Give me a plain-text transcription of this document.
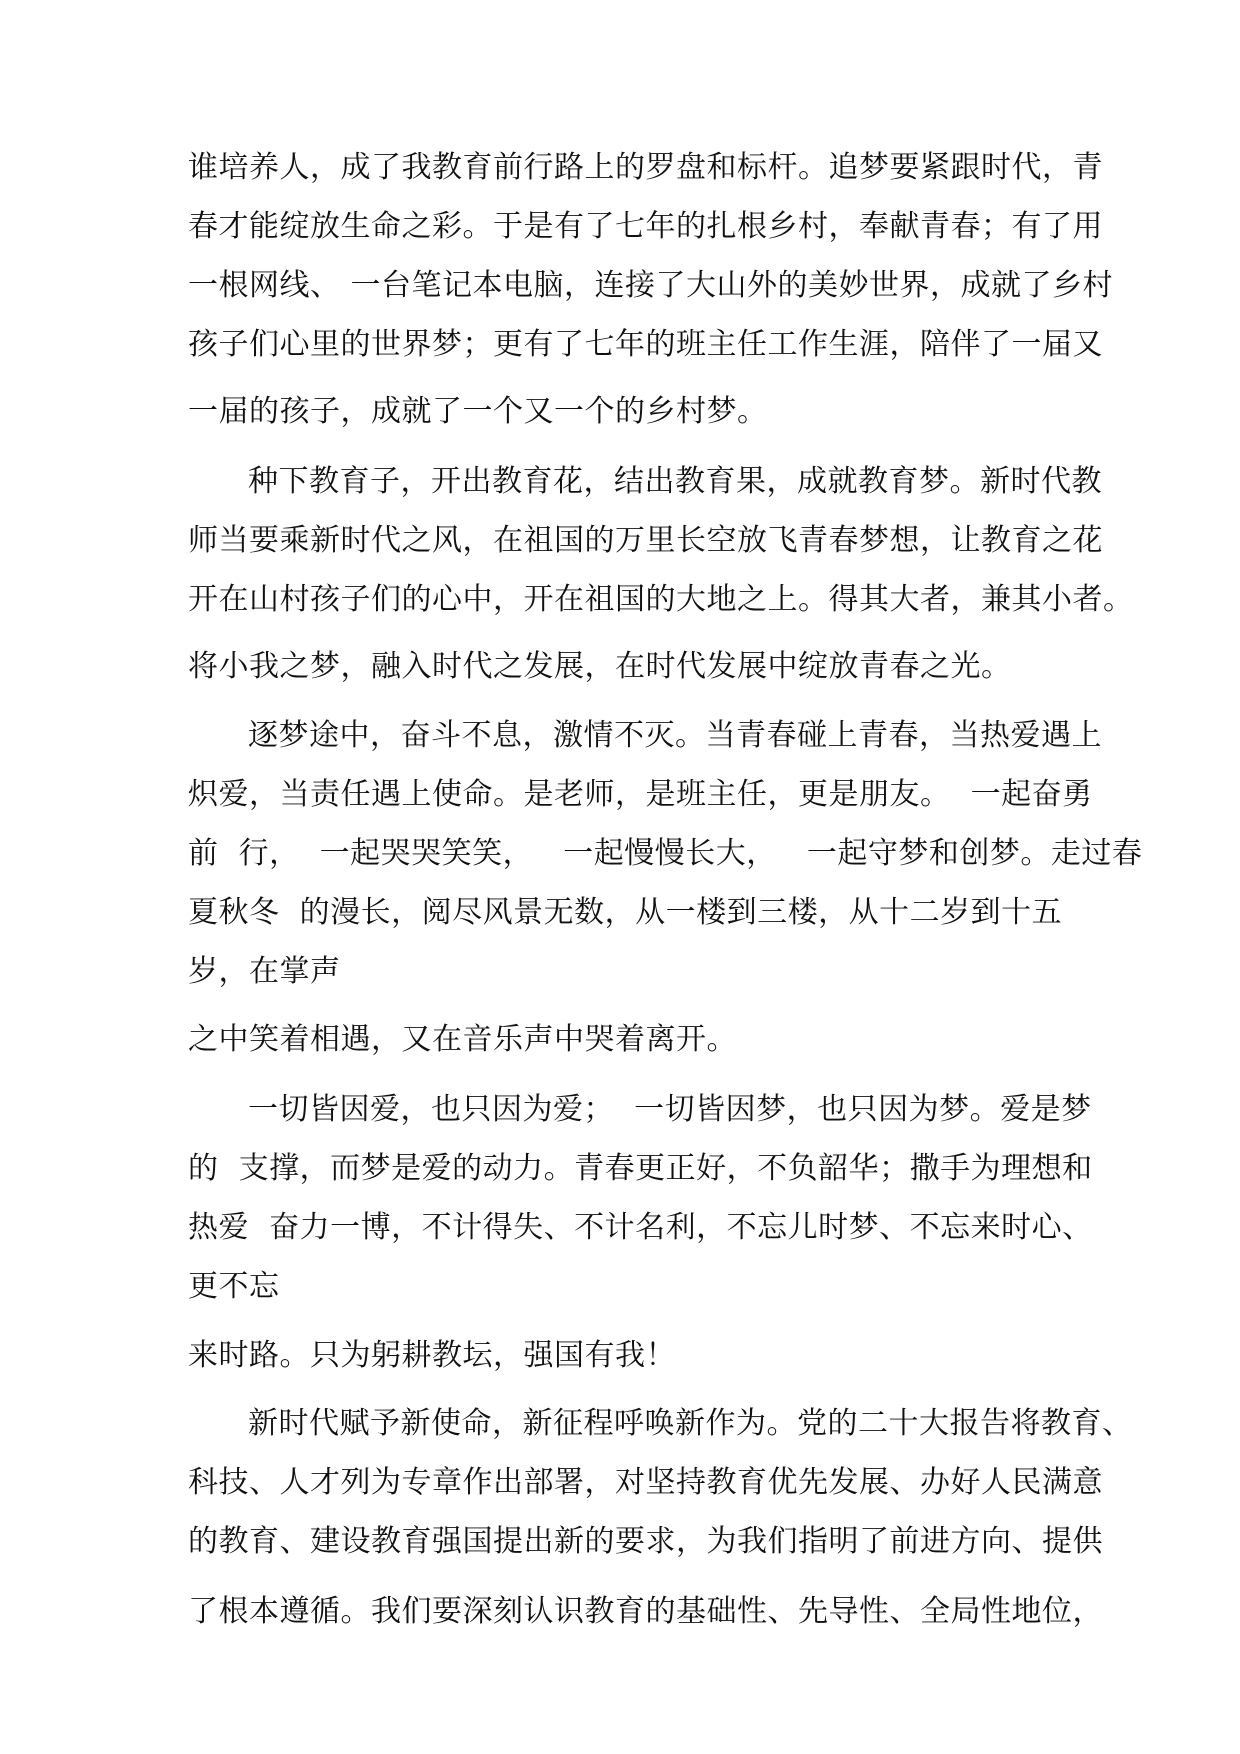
谁培养人，成了我教育前行路上的罗盘和标杆。追梦要紧跟时代，青
春才能绽放生命之彩。于是有了七年的扎根乡村，奉献青春；有了用
一根网线、 一台笔记本电脑，连接了大山外的美妙世界，成就了乡村
孩子们心里的世界梦；更有了七年的班主任工作生涯，陪伴了一届又
一届的孩子，成就了一个又一个的乡村梦。
种下教育子，开出教育花，结出教育果，成就教育梦。新时代教
师当要乘新时代之风，在祖国的万里长空放飞青春梦想，让教育之花
开在山村孩子们的心中，开在祖国的大地之上。得其大者，兼其小者。
将小我之梦，融入时代之发展，在时代发展中绽放青春之光。
逐梦途中，奋斗不息，激情不灭。当青春碰上青春，当热爱遇上
炽爱，当责任遇上使命。是老师，是班主任，更是朋友。  一起奋勇
前  行，  一起哭哭笑笑，   一起慢慢长大，   一起守梦和创梦。走过春
夏秋冬  的漫长，阅尽风景无数，从一楼到三楼，从十二岁到十五
岁，在掌声
之中笑着相遇，又在音乐声中哭着离开。
一切皆因爱，也只因为爱；  一切皆因梦，也只因为梦。爱是梦
的  支撑，而梦是爱的动力。青春更正好，不负韶华；撒手为理想和
热爱  奋力一博，不计得失、不计名利，不忘儿时梦、不忘来时心、
更不忘
来时路。只为躬耕教坛，强国有我！
新时代赋予新使命，新征程呼唤新作为。党的二十大报告将教育、
科技、人才列为专章作出部署，对坚持教育优先发展、办好人民满意
的教育、建设教育强国提出新的要求，为我们指明了前进方向、提供
了根本遵循。我们要深刻认识教育的基础性、先导性、全局性地位，
